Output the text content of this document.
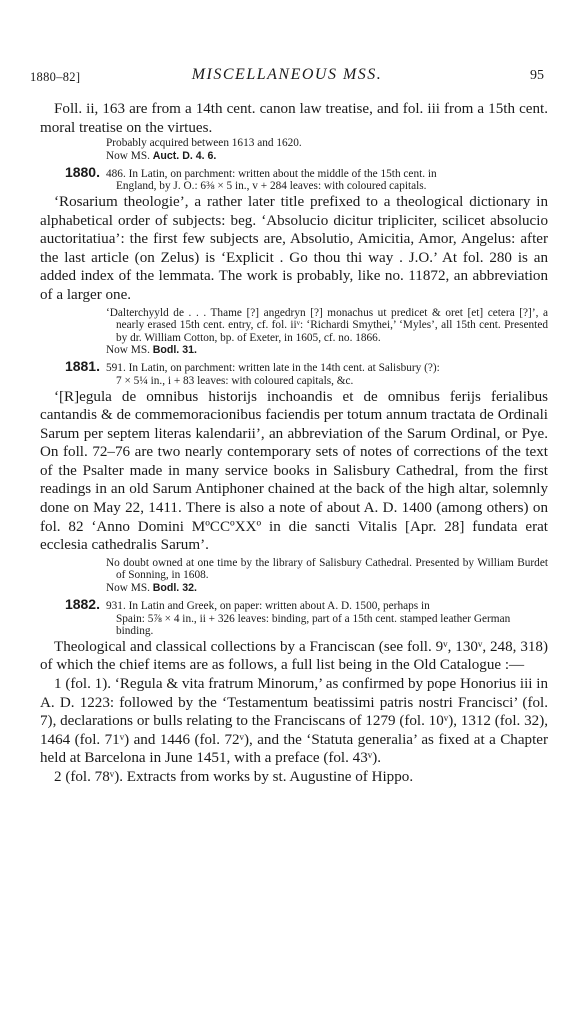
1880–82]	MISCELLANEOUS MSS.	95

Foll. ii, 163 are from a 14th cent. canon law treatise, and fol. iii from a 15th cent. moral treatise on the virtues.

Probably acquired between 1613 and 1620.

Now MS. Auct. D. 4. 6.

1880. 486. In Latin, on parchment: written about the middle of the 15th cent. in
England, by J. O.: 6⅜ × 5 in., v + 284 leaves: with coloured capitals.

‘Rosarium theologie’, a rather later title prefixed to a theological dictionary in alphabetical order of subjects: beg. ‘Absolucio dicitur tripliciter, scilicet absolucio auctoritatiua’: the first few subjects are, Absolutio, Amicitia, Amor, Angelus: after the last article (on Zelus) is ‘Explicit . Go thou thi way . J.O.’ At fol. 280 is an added index of the lemmata. The work is probably, like no. 11872, an abbreviation of a larger one.

‘Dalterchyyld de . . . Thame [?] angedryn [?] monachus ut predicet & oret [et] cetera [?]’, a nearly erased 15th cent. entry, cf. fol. iiᵛ: ‘Richardi Smythei,’ ‘Myles’, all 15th cent. Presented by dr. William Cotton, bp. of Exeter, in 1605, cf. no. 1866.

Now MS. Bodl. 31.

1881. 591. In Latin, on parchment: written late in the 14th cent. at Salisbury (?):
7 × 5¼ in., i + 83 leaves: with coloured capitals, &c.

‘[R]egula de omnibus historijs inchoandis et de omnibus ferijs ferialibus cantandis & de commemoracionibus faciendis per totum annum tractata de Ordinali Sarum per septem literas kalendarii’, an abbreviation of the Sarum Ordinal, or Pye. On foll. 72–76 are two nearly contemporary sets of notes of corrections of the text of the Psalter made in many service books in Salisbury Cathedral, from the first readings in an old Sarum Antiphoner chained at the back of the high altar, solemnly done on May 22, 1411. There is also a note of about A. D. 1400 (among others) on fol. 82 ‘Anno Domini MºCCºXXº in die sancti Vitalis [Apr. 28] fundata erat ecclesia cathedralis Sarum’.

No doubt owned at one time by the library of Salisbury Cathedral. Presented by William Burdet of Sonning, in 1608.

Now MS. Bodl. 32.

1882. 931. In Latin and Greek, on paper: written about A. D. 1500, perhaps in
Spain: 5⅞ × 4 in., ii + 326 leaves: binding, part of a 15th cent. stamped leather German binding.

Theological and classical collections by a Franciscan (see foll. 9ᵛ, 130ᵛ, 248, 318) of which the chief items are as follows, a full list being in the Old Catalogue :—

1 (fol. 1). ‘Regula & vita fratrum Minorum,’ as confirmed by pope Honorius iii in A. D. 1223: followed by the ‘Testamentum beatissimi patris nostri Francisci’ (fol. 7), declarations or bulls relating to the Franciscans of 1279 (fol. 10ᵛ), 1312 (fol. 32), 1464 (fol. 71ᵛ) and 1446 (fol. 72ᵛ), and the ‘Statuta generalia’ as fixed at a Chapter held at Barcelona in June 1451, with a preface (fol. 43ᵛ).

2 (fol. 78ᵛ). Extracts from works by st. Augustine of Hippo.
